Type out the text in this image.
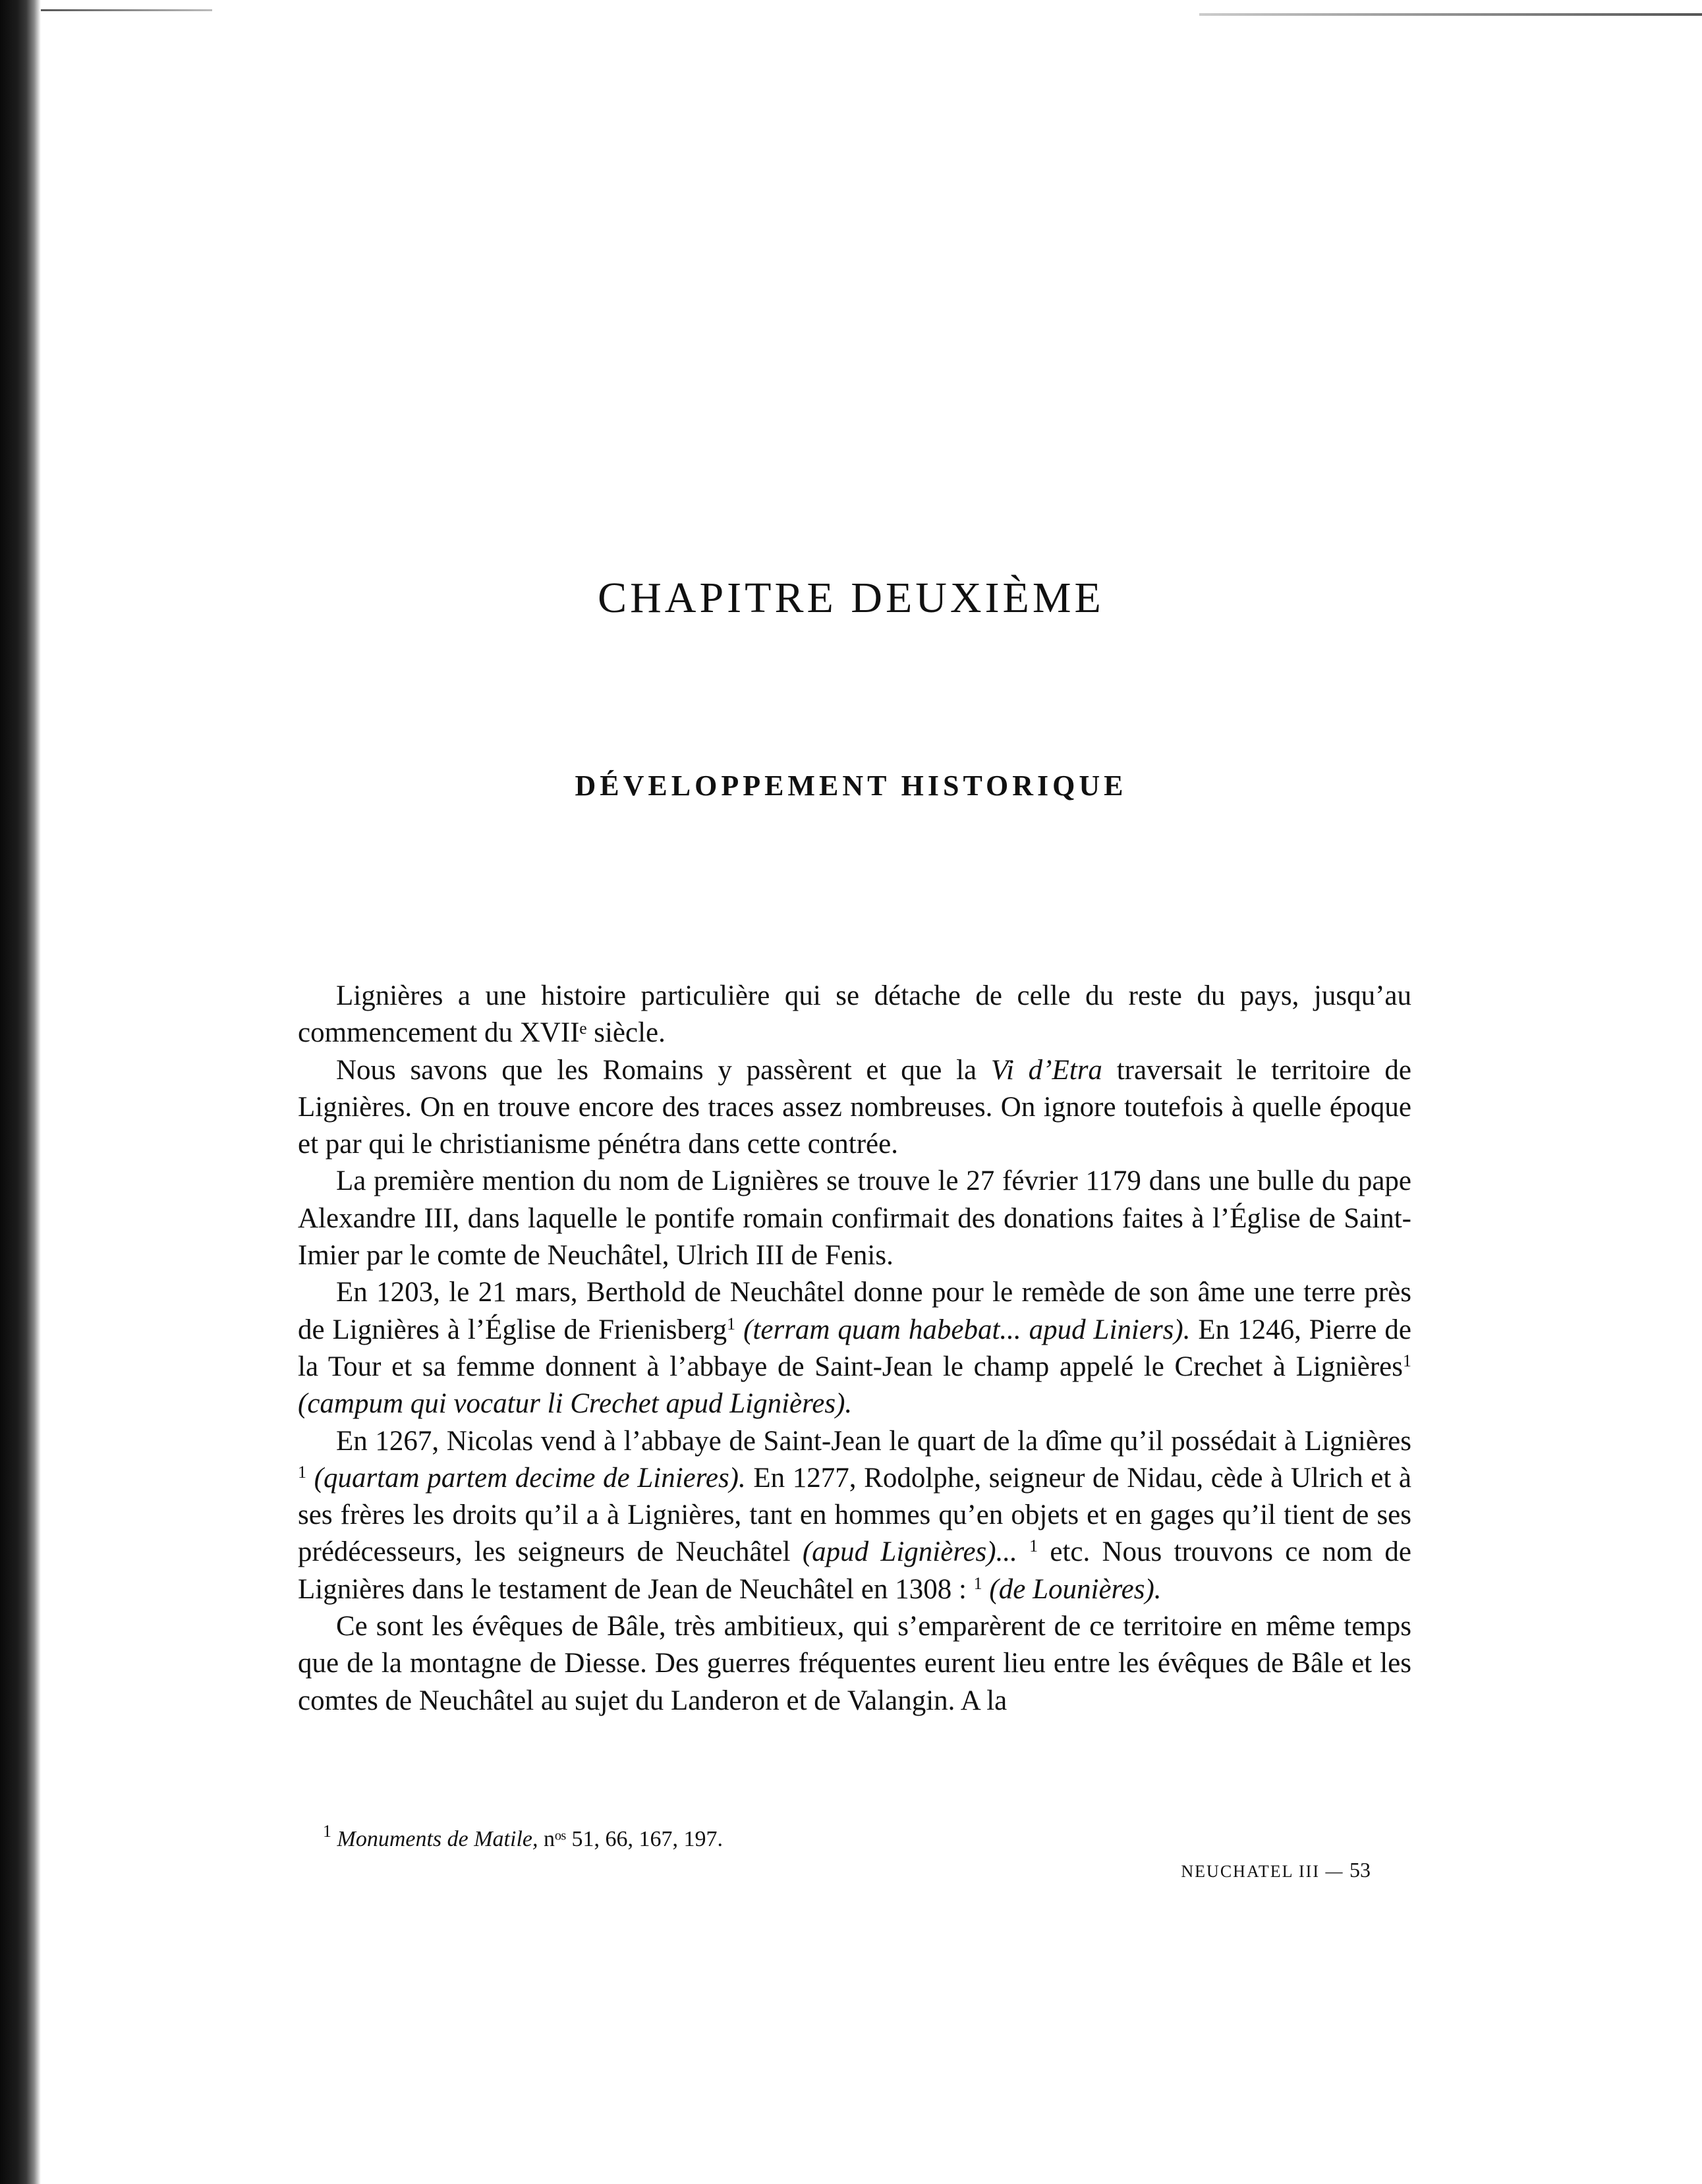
CHAPITRE DEUXIÈME
DÉVELOPPEMENT HISTORIQUE

Lignières a une histoire particulière qui se détache de celle du reste du pays, jusqu’au commencement du XVIIᵉ siècle.

Nous savons que les Romains y passèrent et que la Vi d’Etra traversait le territoire de Lignières. On en trouve encore des traces assez nombreuses. On ignore toutefois à quelle époque et par qui le christianisme pénétra dans cette contrée.

La première mention du nom de Lignières se trouve le 27 février 1179 dans une bulle du pape Alexandre III, dans laquelle le pontife romain confirmait des donations faites à l’Église de Saint-Imier par le comte de Neuchâtel, Ulrich III de Fenis.

En 1203, le 21 mars, Berthold de Neuchâtel donne pour le remède de son âme une terre près de Lignières à l’Église de Frienisberg$^1$ (terram quam habebat... apud Liniers). En 1246, Pierre de la Tour et sa femme donnent à l’abbaye de Saint-Jean le champ appelé le Crechet à Lignières$^1$ (campum qui vocatur li Crechet apud Lignières).

En 1267, Nicolas vend à l’abbaye de Saint-Jean le quart de la dîme qu’il possédait à Lignières $^1$ (quartam partem decime de Linieres). En 1277, Rodolphe, seigneur de Nidau, cède à Ulrich et à ses frères les droits qu’il a à Lignières, tant en hommes qu’en objets et en gages qu’il tient de ses prédécesseurs, les seigneurs de Neuchâtel (apud Lignières)... $^1$ etc. Nous trouvons ce nom de Lignières dans le testament de Jean de Neuchâtel en 1308 : $^1$ (de Lounières).

Ce sont les évêques de Bâle, très ambitieux, qui s’emparèrent de ce territoire en même temps que de la montagne de Diesse. Des guerres fréquentes eurent lieu entre les évêques de Bâle et les comtes de Neuchâtel au sujet du Landeron et de Valangin. A la

$^1$ Monuments de Matile, nᵒˢ 51, 66, 167, 197.
NEUCHATEL III — 53
